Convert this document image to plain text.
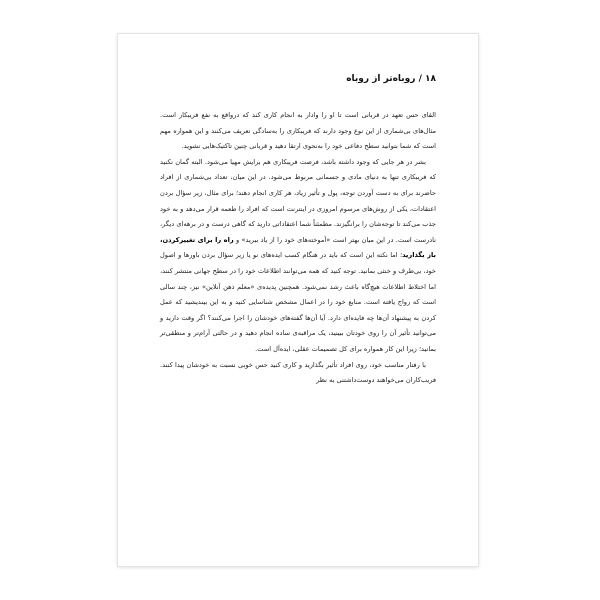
۱۸ / روباه‌تر از روباه

القای حس تعهد در قربانی است تا او را وادار به انجام کاری کند که درواقع به نفع فریبکار است. مثال‌های بی‌شماری از این نوع وجود دارند که فریبکاری را به‌سادگی تعریف می‌کنند و این همواره مهم است که شما بتوانید سطح دفاعی خود را به‌نحوی ارتقا دهید و قربانی چنین تاکتیک‌هایی نشوید.

بشر در هر جایی که وجود داشته باشد، فرصت فریبکاری هم برایش مهیا می‌شود. البته گمان نکنید که فریبکاری تنها به دنیای مادی و جسمانی مربوط می‌شود. در این میان، تعداد بی‌شماری از افراد حاضرند برای به دست آوردن توجه، پول و تأثیر زیاد، هر کاری انجام دهند؛ برای مثال، زیر سؤال بردن اعتقادات، یکی از روش‌های مرسوم امروزی در اینترنت است که افراد را طعمه قرار می‌دهد و به خود جذب می‌کند تا توجه‌شان را برانگیزند. مطمئناً شما اعتقاداتی دارید که گاهی درست و در برهه‌ای دیگر، نادرست است. در این میان بهتر است «آموخته‌های خود را از یاد ببرید» و راه را برای تغییرکردن، باز بگذارید؛ اما نکته این است که باید در هنگام کسب ایده‌های نو یا زیر سؤال بردن باورها و اصول خود، بی‌طرف و خنثی بمانید. توجه کنید که همه می‌توانند اطلاعات خود را در سطح جهانی منتشر کنند، اما اختلاط اطلاعات هیچ‌گاه باعث رشد نمی‌شود. همچنین پدیده‌ی «معلم ذهن آنلاین» نیز، چند سالی است که رواج یافته است. منابع خود را در اعمال مشخص شناسایی کنید و به این بیندیشید که عمل کردن به پیشنهاد آن‌ها چه فایده‌ای دارد. آیا آن‌ها گفته‌های خودشان را اجرا می‌کنند؟ اگر وقت دارید و می‌توانید تأثیر آن را روی خودتان ببینید، یک مراقبه‌ی ساده انجام دهید و در حالتی آرام‌تر و منطقی‌تر بمانید؛ زیرا این کار همواره برای کل تصمیمات عقلی، ایده‌آل است.

با رفتار مناسب خود، روی افراد تأثیر بگذارید و کاری کنید حس خوبی نسبت به خودشان پیدا کنند. فریب‌کاران می‌خواهند دوست‌داشتنی به نظر
